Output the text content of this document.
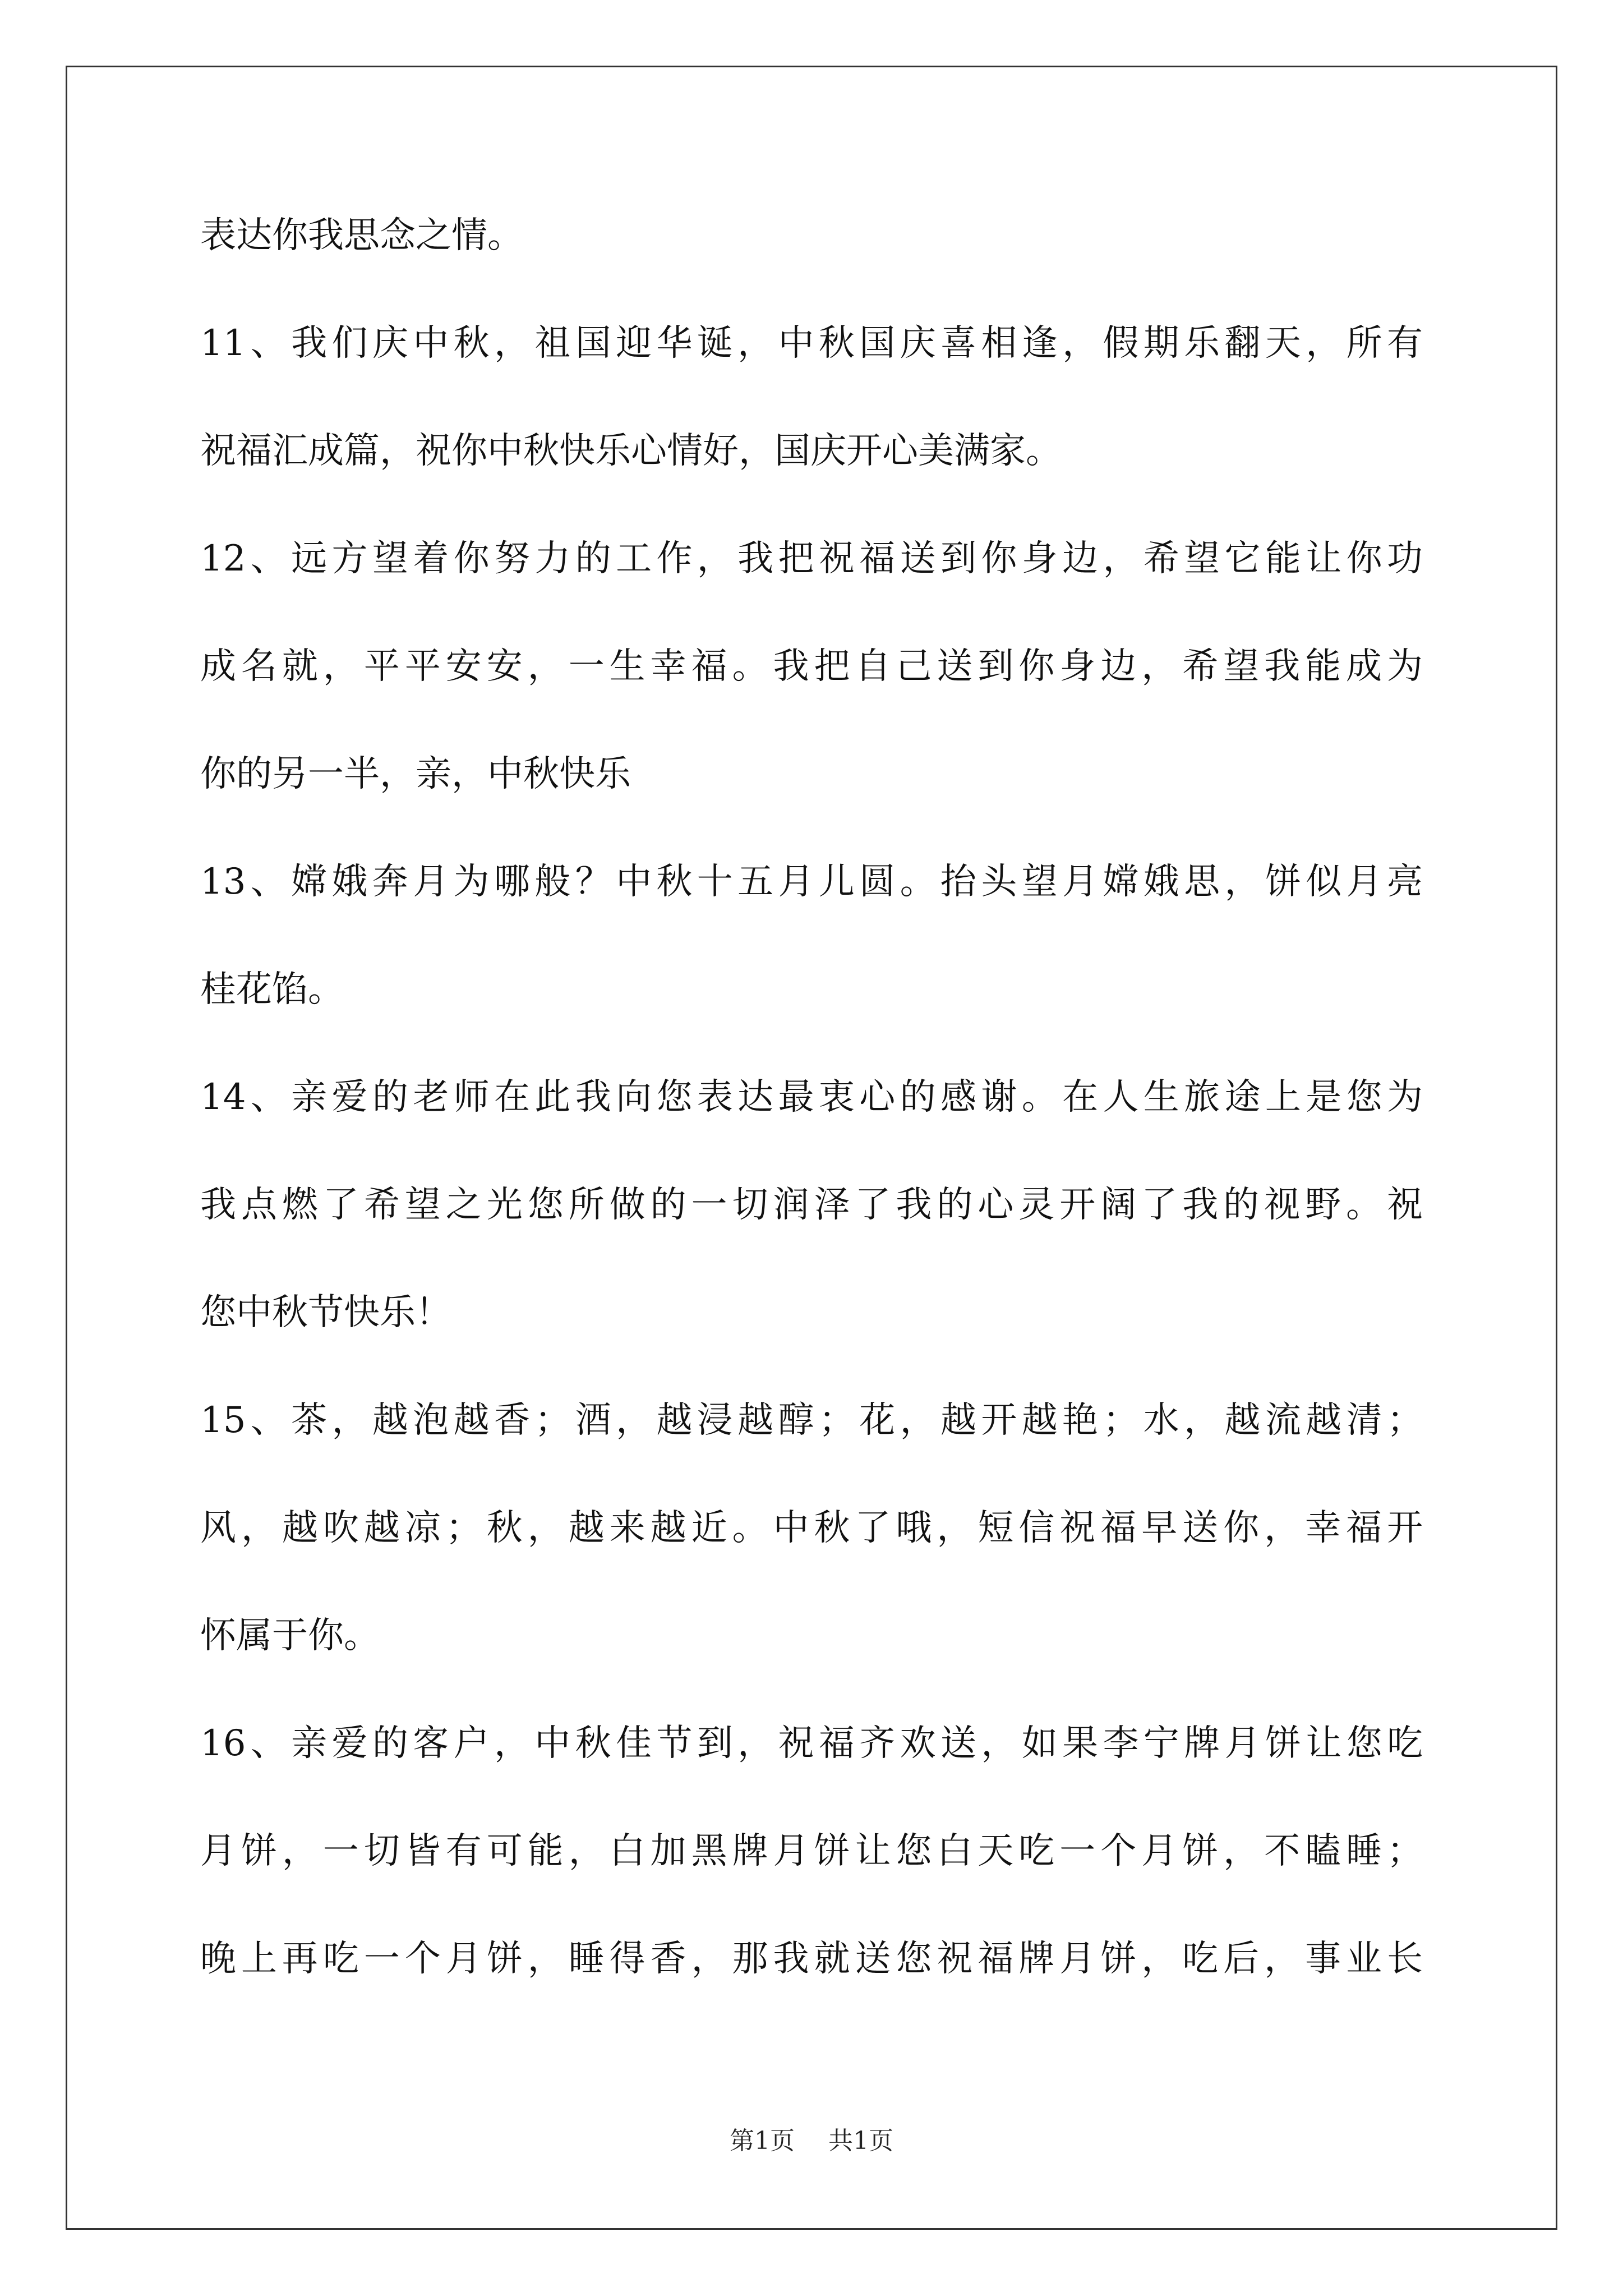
表达你我思念之情。
11、我们庆中秋，祖国迎华诞，中秋国庆喜相逢，假期乐翻天，所有
祝福汇成篇，祝你中秋快乐心情好，国庆开心美满家。
12、远方望着你努力的工作，我把祝福送到你身边，希望它能让你功
成名就，平平安安，一生幸福。我把自己送到你身边，希望我能成为
你的另一半，亲，中秋快乐
13、嫦娥奔月为哪般？中秋十五月儿圆。抬头望月嫦娥思，饼似月亮
桂花馅。
14、亲爱的老师在此我向您表达最衷心的感谢。在人生旅途上是您为
我点燃了希望之光您所做的一切润泽了我的心灵开阔了我的视野。祝
您中秋节快乐！
15、茶，越泡越香；酒，越浸越醇；花，越开越艳；水，越流越清；
风，越吹越凉；秋，越来越近。中秋了哦，短信祝福早送你，幸福开
怀属于你。
16、亲爱的客户，中秋佳节到，祝福齐欢送，如果李宁牌月饼让您吃
月饼，一切皆有可能，白加黑牌月饼让您白天吃一个月饼，不瞌睡；
晚上再吃一个月饼，睡得香，那我就送您祝福牌月饼，吃后，事业长
第1页 共1页
